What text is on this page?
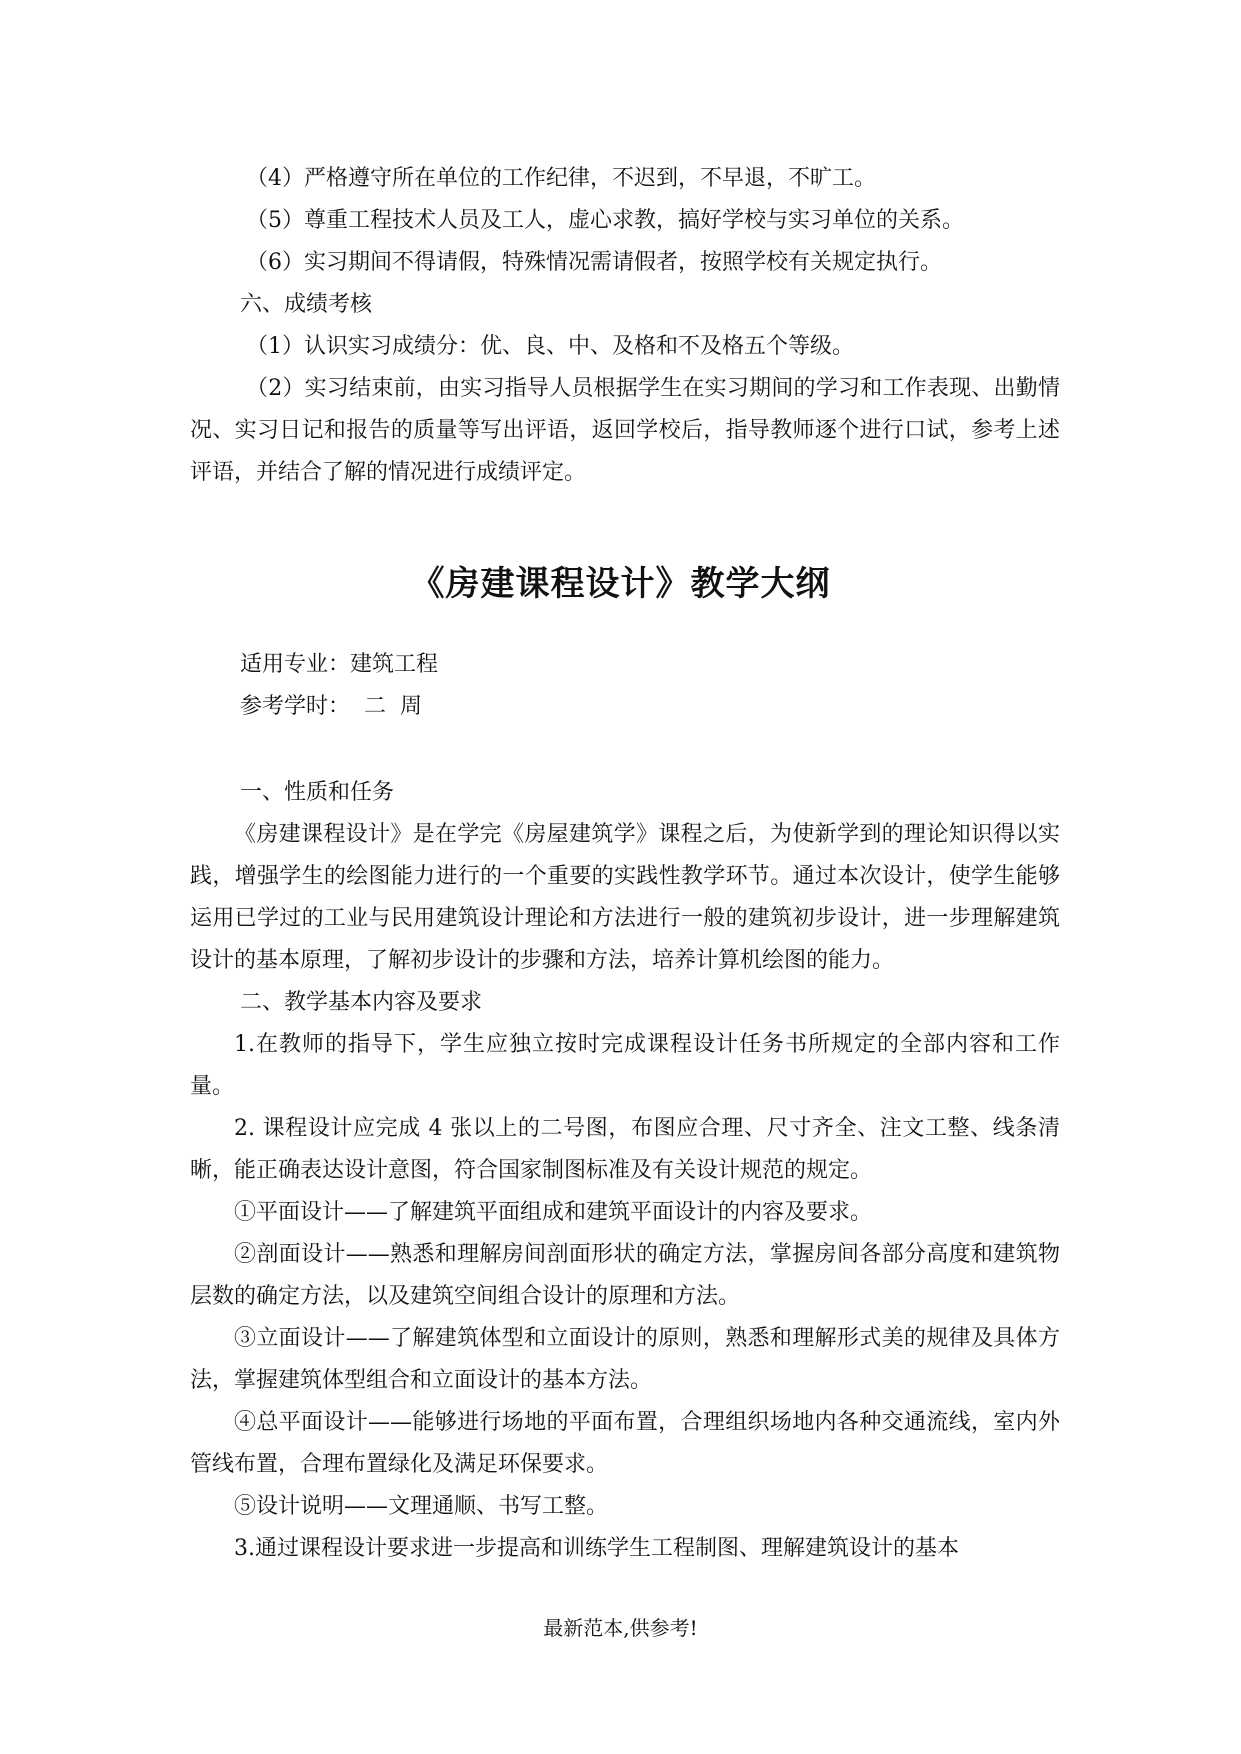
（4）严格遵守所在单位的工作纪律，不迟到，不早退，不旷工。

（5）尊重工程技术人员及工人，虚心求教，搞好学校与实习单位的关系。

（6）实习期间不得请假，特殊情况需请假者，按照学校有关规定执行。

六、成绩考核

（1）认识实习成绩分：优、良、中、及格和不及格五个等级。

（2）实习结束前，由实习指导人员根据学生在实习期间的学习和工作表现、出勤情况、实习日记和报告的质量等写出评语，返回学校后，指导教师逐个进行口试，参考上述评语，并结合了解的情况进行成绩评定。

《房建课程设计》教学大纲

适用专业：建筑工程

参考学时：  二  周

一、性质和任务

《房建课程设计》是在学完《房屋建筑学》课程之后，为使新学到的理论知识得以实践，增强学生的绘图能力进行的一个重要的实践性教学环节。通过本次设计，使学生能够运用已学过的工业与民用建筑设计理论和方法进行一般的建筑初步设计，进一步理解建筑设计的基本原理，了解初步设计的步骤和方法，培养计算机绘图的能力。

二、教学基本内容及要求

1.在教师的指导下，学生应独立按时完成课程设计任务书所规定的全部内容和工作量。

2. 课程设计应完成 4 张以上的二号图，布图应合理、尺寸齐全、注文工整、线条清晰，能正确表达设计意图，符合国家制图标准及有关设计规范的规定。

①平面设计——了解建筑平面组成和建筑平面设计的内容及要求。

②剖面设计——熟悉和理解房间剖面形状的确定方法，掌握房间各部分高度和建筑物层数的确定方法，以及建筑空间组合设计的原理和方法。

③立面设计——了解建筑体型和立面设计的原则，熟悉和理解形式美的规律及具体方法，掌握建筑体型组合和立面设计的基本方法。

④总平面设计——能够进行场地的平面布置，合理组织场地内各种交通流线，室内外管线布置，合理布置绿化及满足环保要求。

⑤设计说明——文理通顺、书写工整。

3.通过课程设计要求进一步提高和训练学生工程制图、理解建筑设计的基本

最新范本,供参考!
